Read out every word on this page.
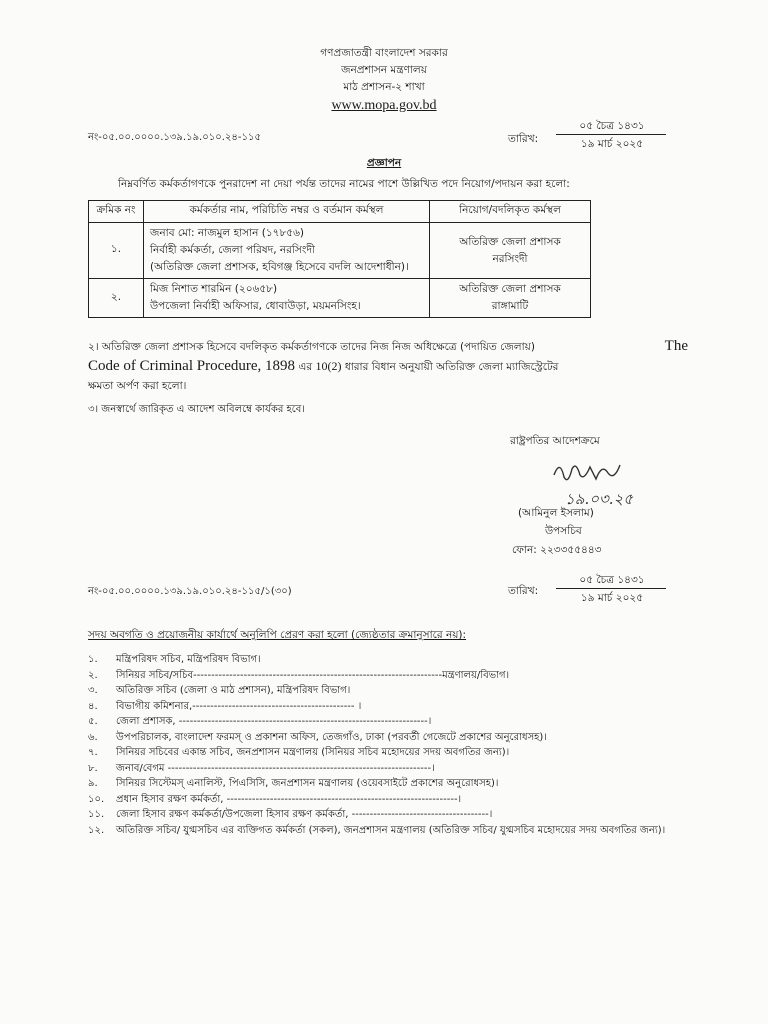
গণপ্রজাতন্ত্রী বাংলাদেশ সরকার
জনপ্রশাসন মন্ত্রণালয়
মাঠ প্রশাসন-২ শাখা
www.mopa.gov.bd
নং-০৫.০০.০০০০.১৩৯.১৯.০১০.২৪-১১৫	তারিখ:
০৫ চৈত্র ১৪৩১
১৯ মার্চ ২০২৫
প্রজ্ঞাপন
নিম্নবর্ণিত কর্মকর্তাগণকে পুনরাদেশ না দেয়া পর্যন্ত তাদের নামের পাশে উল্লিখিত পদে নিয়োগ/পদায়ন করা হলো:
ক্রমিক নং	কর্মকর্তার নাম, পরিচিতি নম্বর ও বর্তমান কর্মস্থল	নিয়োগ/বদলিকৃত কর্মস্থল
১.	জনাব মো: নাজমুল হাসান (১৭৮৫৬)
নির্বাহী কর্মকর্তা, জেলা পরিষদ, নরসিংদী
(অতিরিক্ত জেলা প্রশাসক, হবিগঞ্জ হিসেবে বদলি আদেশাধীন)।	অতিরিক্ত জেলা প্রশাসক
নরসিংদী

২.	মিজ নিশাত শারমিন (২০৬৫৮)
উপজেলা নির্বাহী অফিসার, ধোবাউড়া, ময়মনসিংহ।	অতিরিক্ত জেলা প্রশাসক
রাঙ্গামাটি
২। অতিরিক্ত জেলা প্রশাসক হিসেবে বদলিকৃত কর্মকর্তাগণকে তাদের নিজ নিজ অধিক্ষেত্রে (পদায়িত জেলায়)	The
Code of Criminal Procedure, 1898 এর 10(2) ধারার বিধান অনুযায়ী অতিরিক্ত জেলা ম্যাজিস্ট্রেটের
ক্ষমতা অর্পণ করা হলো।
৩। জনস্বার্থে জারিকৃত এ আদেশ অবিলম্বে কার্যকর হবে।
রাষ্ট্রপতির আদেশক্রমে
১৯.০৩.২৫
(আমিনুল ইসলাম)
উপসচিব
ফোন: ২২৩৩৫৫৪৪৩
নং-০৫.০০.০০০০.১৩৯.১৯.০১০.২৪-১১৫/১(৩০)	তারিখ:
০৫ চৈত্র ১৪৩১
১৯ মার্চ ২০২৫
সদয় অবগতি ও প্রয়োজনীয় কার্যার্থে অনুলিপি প্রেরণ করা হলো (জ্যেষ্ঠতার ক্রমানুসারে নয়):
১.	মন্ত্রিপরিষদ সচিব, মন্ত্রিপরিষদ বিভাগ।
২.	সিনিয়র সচিব/সচিব---------------------------------------------------------------------মন্ত্রণালয়/বিভাগ।
৩.	অতিরিক্ত সচিব (জেলা ও মাঠ প্রশাসন), মন্ত্রিপরিষদ বিভাগ।
৪.	বিভাগীয় কমিশনার,--------------------------------------------- ।
৫.	জেলা প্রশাসক, ---------------------------------------------------------------------।
৬.	উপপরিচালক, বাংলাদেশ ফরমস্ ও প্রকাশনা অফিস, তেজগাঁও, ঢাকা (পরবর্তী গেজেটে প্রকাশের অনুরোধসহ)।
৭.	সিনিয়র সচিবের একান্ত সচিব, জনপ্রশাসন মন্ত্রণালয় (সিনিয়র সচিব মহোদয়ের সদয় অবগতির জন্য)।
৮.	জনাব/বেগম -------------------------------------------------------------------------।
৯.	সিনিয়র সিস্টেমস্ এনালিস্ট, পিএসিসি, জনপ্রশাসন মন্ত্রণালয় (ওয়েবসাইটে প্রকাশের অনুরোধসহ)।
১০.	প্রধান হিসাব রক্ষণ কর্মকর্তা, ----------------------------------------------------------------।
১১.	জেলা হিসাব রক্ষণ কর্মকর্তা/উপজেলা হিসাব রক্ষণ কর্মকর্তা, --------------------------------------।
১২.	অতিরিক্ত সচিব/ যুগ্মসচিব এর ব্যক্তিগত কর্মকর্তা (সকল), জনপ্রশাসন মন্ত্রণালয় (অতিরিক্ত সচিব/ যুগ্মসচিব মহোদয়ের সদয় অবগতির জন্য)।
